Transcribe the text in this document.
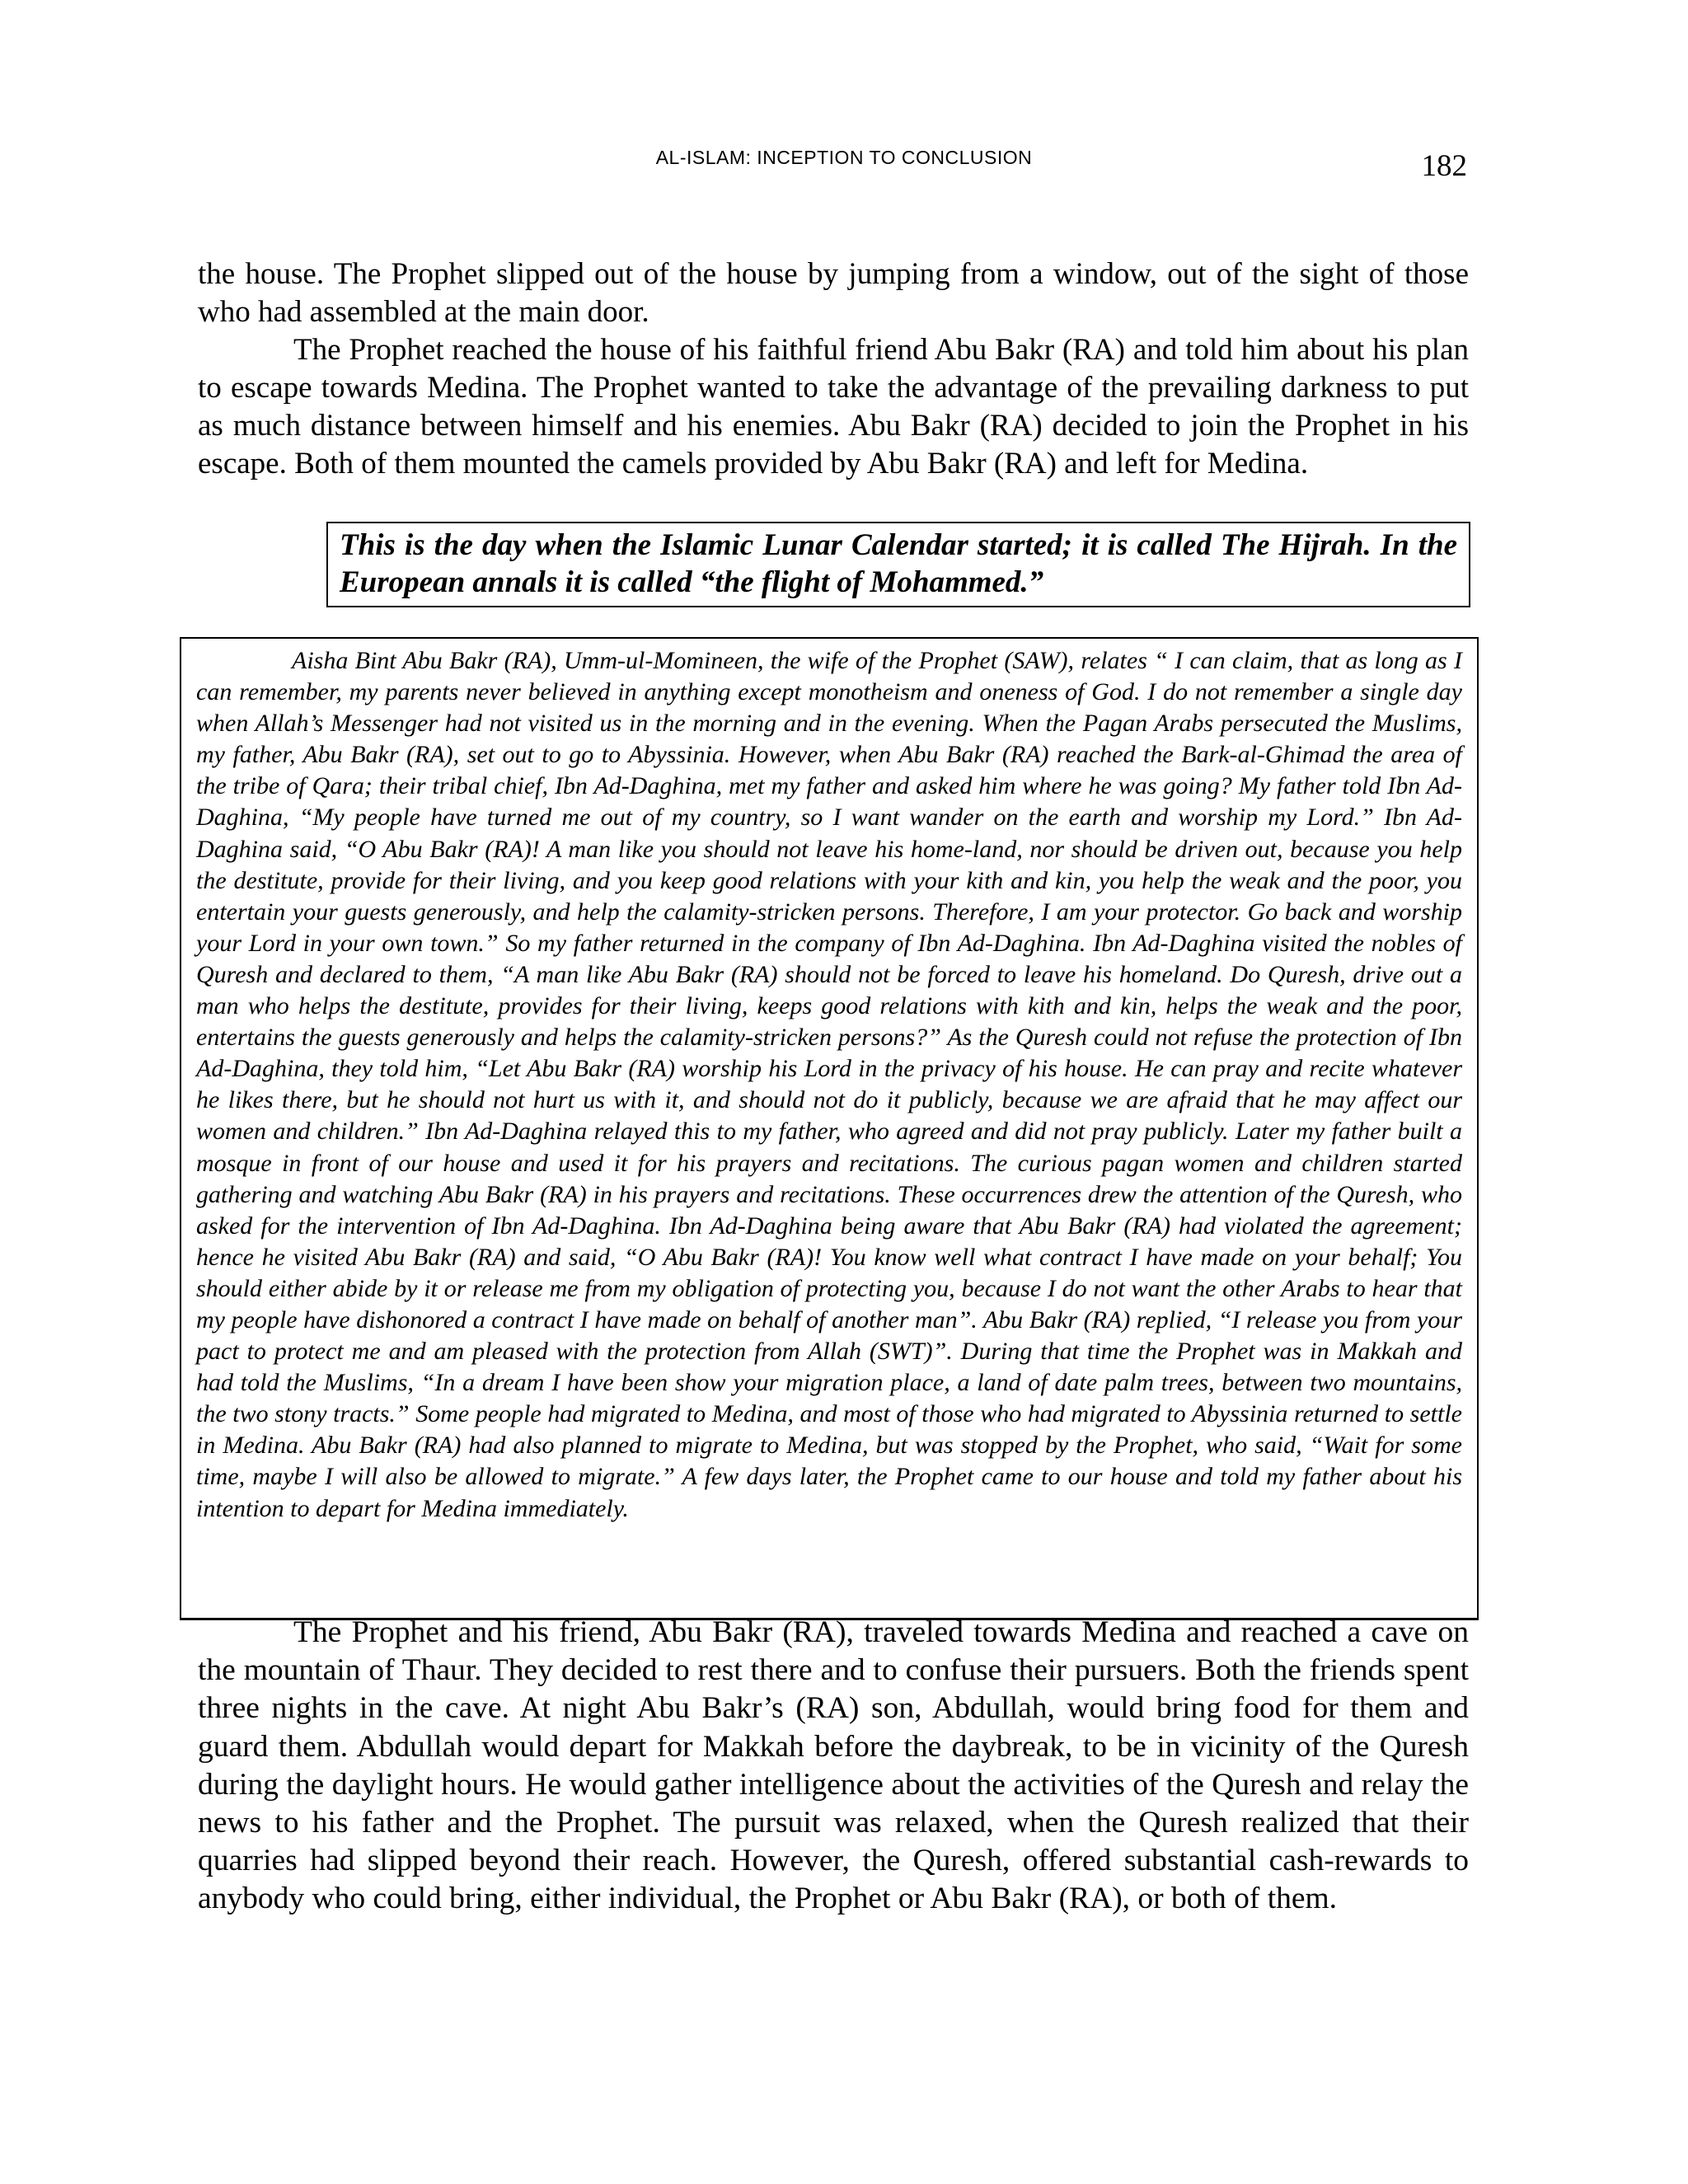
AL-ISLAM: INCEPTION TO CONCLUSION	182

the house. The Prophet slipped out of the house by jumping from a window, out of the sight of those who had assembled at the main door.

The Prophet reached the house of his faithful friend Abu Bakr (RA) and told him about his plan to escape towards Medina. The Prophet wanted to take the advantage of the prevailing darkness to put as much distance between himself and his enemies. Abu Bakr (RA) decided to join the Prophet in his escape. Both of them mounted the camels provided by Abu Bakr (RA) and left for Medina.

This is the day when the Islamic Lunar Calendar started; it is called The Hijrah. In the European annals it is called “the flight of Mohammed.”

Aisha Bint Abu Bakr (RA), Umm-ul-Momineen, the wife of the Prophet (SAW), relates “ I can claim, that as long as I can remember, my parents never believed in anything except monotheism and oneness of God. I do not remember a single day when Allah’s Messenger had not visited us in the morning and in the evening. When the Pagan Arabs persecuted the Muslims, my father, Abu Bakr (RA), set out to go to Abyssinia. However, when Abu Bakr (RA) reached the Bark-al-Ghimad the area of the tribe of Qara; their tribal chief, Ibn Ad-Daghina, met my father and asked him where he was going? My father told Ibn Ad-Daghina, “My people have turned me out of my country, so I want wander on the earth and worship my Lord.” Ibn Ad-Daghina said, “O Abu Bakr (RA)! A man like you should not leave his home-land, nor should be driven out, because you help the destitute, provide for their living, and you keep good relations with your kith and kin, you help the weak and the poor, you entertain your guests generously, and help the calamity-stricken persons. Therefore, I am your protector. Go back and worship your Lord in your own town.” So my father returned in the company of Ibn Ad-Daghina. Ibn Ad-Daghina visited the nobles of Quresh and declared to them, “A man like Abu Bakr (RA) should not be forced to leave his homeland. Do Quresh, drive out a man who helps the destitute, provides for their living, keeps good relations with kith and kin, helps the weak and the poor, entertains the guests generously and helps the calamity-stricken persons?” As the Quresh could not refuse the protection of Ibn Ad-Daghina, they told him, “Let Abu Bakr (RA) worship his Lord in the privacy of his house. He can pray and recite whatever he likes there, but he should not hurt us with it, and should not do it publicly, because we are afraid that he may affect our women and children.” Ibn Ad-Daghina relayed this to my father, who agreed and did not pray publicly. Later my father built a mosque in front of our house and used it for his prayers and recitations. The curious pagan women and children started gathering and watching Abu Bakr (RA) in his prayers and recitations. These occurrences drew the attention of the Quresh, who asked for the intervention of Ibn Ad-Daghina. Ibn Ad-Daghina being aware that Abu Bakr (RA) had violated the agreement; hence he visited Abu Bakr (RA) and said, “O Abu Bakr (RA)! You know well what contract I have made on your behalf; You should either abide by it or release me from my obligation of protecting you, because I do not want the other Arabs to hear that my people have dishonored a contract I have made on behalf of another man”. Abu Bakr (RA) replied, “I release you from your pact to protect me and am pleased with the protection from Allah (SWT)”. During that time the Prophet was in Makkah and had told the Muslims, “In a dream I have been show your migration place, a land of date palm trees, between two mountains, the two stony tracts.” Some people had migrated to Medina, and most of those who had migrated to Abyssinia returned to settle in Medina. Abu Bakr (RA) had also planned to migrate to Medina, but was stopped by the Prophet, who said, “Wait for some time, maybe I will also be allowed to migrate.” A few days later, the Prophet came to our house and told my father about his intention to depart for Medina immediately.

The Prophet and his friend, Abu Bakr (RA), traveled towards Medina and reached a cave on the mountain of Thaur. They decided to rest there and to confuse their pursuers. Both the friends spent three nights in the cave. At night Abu Bakr’s (RA) son, Abdullah, would bring food for them and guard them. Abdullah would depart for Makkah before the daybreak, to be in vicinity of the Quresh during the daylight hours. He would gather intelligence about the activities of the Quresh and relay the news to his father and the Prophet. The pursuit was relaxed, when the Quresh realized that their quarries had slipped beyond their reach. However, the Quresh, offered substantial cash-rewards to anybody who could bring, either individual, the Prophet or Abu Bakr (RA), or both of them.
